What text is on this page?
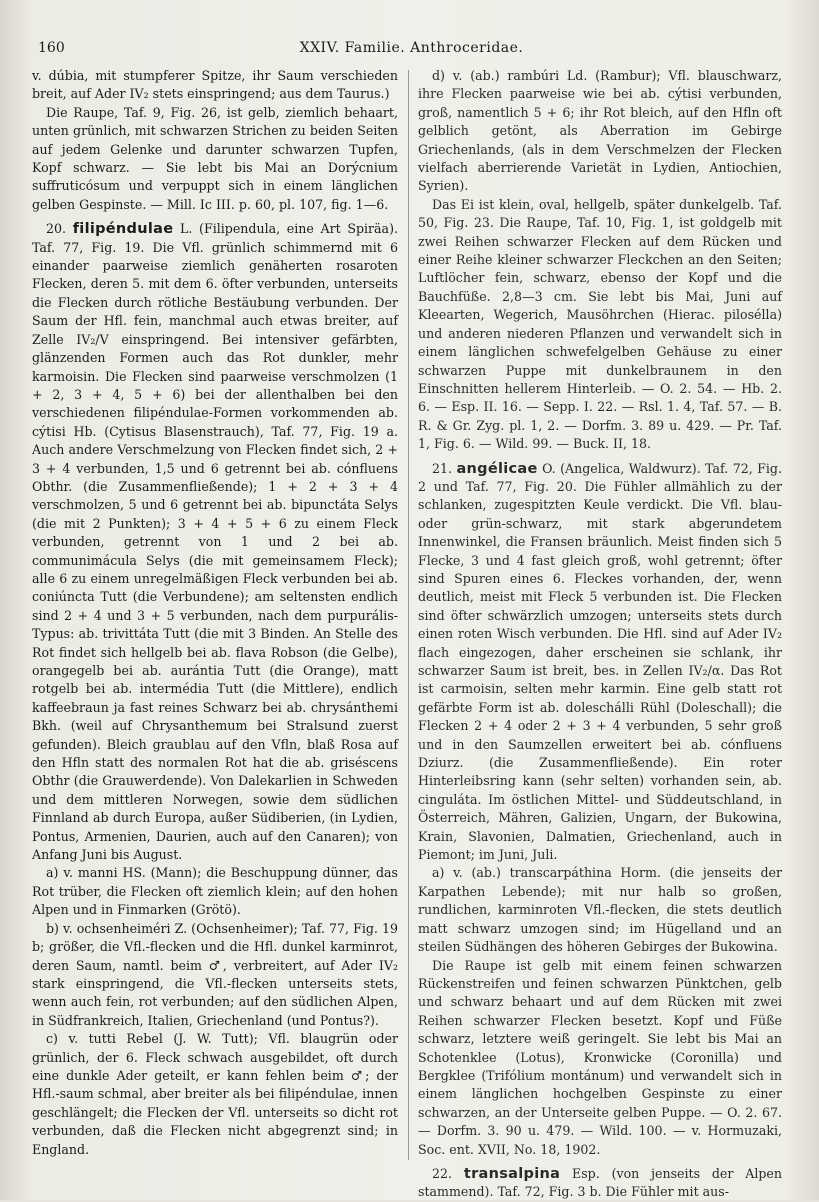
160	XXIV. Familie. Anthroceridae.

v. dúbia, mit stumpferer Spitze, ihr Saum verschieden breit, auf Ader IV₂ stets einspringend; aus dem Taurus.)

Die Raupe, Taf. 9, Fig. 26, ist gelb, ziemlich behaart, unten grünlich, mit schwarzen Strichen zu beiden Seiten auf jedem Gelenke und darunter schwarzen Tupfen, Kopf schwarz. — Sie lebt bis Mai an Dorýcnium suffruticósum und verpuppt sich in einem länglichen gelben Gespinste. — Mill. Ic III. p. 60, pl. 107, fig. 1—6.

20. filipéndulae L. (Filipendula, eine Art Spiräa). Taf. 77, Fig. 19. Die Vfl. grünlich schimmernd mit 6 einander paarweise ziemlich genäherten rosaroten Flecken, deren 5. mit dem 6. öfter verbunden, unterseits die Flecken durch rötliche Bestäubung verbunden. Der Saum der Hfl. fein, manchmal auch etwas breiter, auf Zelle IV₂/V einspringend. Bei intensiver gefärbten, glänzenden Formen auch das Rot dunkler, mehr karmoisin. Die Flecken sind paarweise verschmolzen (1 + 2, 3 + 4, 5 + 6) bei der allenthalben bei den verschiedenen filipéndulae-Formen vorkommenden ab. cýtisi Hb. (Cytisus Blasenstrauch), Taf. 77, Fig. 19 a. Auch andere Verschmelzung von Flecken findet sich, 2 + 3 + 4 verbunden, 1,5 und 6 getrennt bei ab. cónfluens Obthr. (die Zusammenfließende); 1 + 2 + 3 + 4 verschmolzen, 5 und 6 getrennt bei ab. bipunctáta Selys (die mit 2 Punkten); 3 + 4 + 5 + 6 zu einem Fleck verbunden, getrennt von 1 und 2 bei ab. communimácula Selys (die mit gemeinsamem Fleck); alle 6 zu einem unregelmäßigen Fleck verbunden bei ab. coniúncta Tutt (die Verbundene); am seltensten endlich sind 2 + 4 und 3 + 5 verbunden, nach dem purpurális-Typus: ab. trivittáta Tutt (die mit 3 Binden. An Stelle des Rot findet sich hellgelb bei ab. flava Robson (die Gelbe), orangegelb bei ab. aurántia Tutt (die Orange), matt rotgelb bei ab. intermédia Tutt (die Mittlere), endlich kaffeebraun ja fast reines Schwarz bei ab. chrysánthemi Bkh. (weil auf Chrysanthemum bei Stralsund zuerst gefunden). Bleich graublau auf den Vfln, blaß Rosa auf den Hfln statt des normalen Rot hat die ab. griséscens Obthr (die Grauwerdende). Von Dalekarlien in Schweden und dem mittleren Norwegen, sowie dem südlichen Finnland ab durch Europa, außer Südiberien, (in Lydien, Pontus, Armenien, Daurien, auch auf den Canaren); von Anfang Juni bis August.

a) v. manni HS. (Mann); die Beschuppung dünner, das Rot trüber, die Flecken oft ziemlich klein; auf den hohen Alpen und in Finmarken (Grötö).

b) v. ochsenheiméri Z. (Ochsenheimer); Taf. 77, Fig. 19 b; größer, die Vfl.-flecken und die Hfl. dunkel karminrot, deren Saum, namtl. beim ♂, verbreitert, auf Ader IV₂ stark einspringend, die Vfl.-flecken unterseits stets, wenn auch fein, rot verbunden; auf den südlichen Alpen, in Südfrankreich, Italien, Griechenland (und Pontus?).

c) v. tutti Rebel (J. W. Tutt); Vfl. blaugrün oder grünlich, der 6. Fleck schwach ausgebildet, oft durch eine dunkle Ader geteilt, er kann fehlen beim ♂; der Hfl.-saum schmal, aber breiter als bei filipéndulae, innen geschlängelt; die Flecken der Vfl. unterseits so dicht rot verbunden, daß die Flecken nicht abgegrenzt sind; in England.

d) v. (ab.) rambúri Ld. (Rambur); Vfl. blauschwarz, ihre Flecken paarweise wie bei ab. cýtisi verbunden, groß, namentlich 5 + 6; ihr Rot bleich, auf den Hfln oft gelblich getönt, als Aberration im Gebirge Griechenlands, (als in dem Verschmelzen der Flecken vielfach aberrierende Varietät in Lydien, Antiochien, Syrien).

Das Ei ist klein, oval, hellgelb, später dunkelgelb. Taf. 50, Fig. 23. Die Raupe, Taf. 10, Fig. 1, ist goldgelb mit zwei Reihen schwarzer Flecken auf dem Rücken und einer Reihe kleiner schwarzer Fleckchen an den Seiten; Luftlöcher fein, schwarz, ebenso der Kopf und die Bauchfüße. 2,8—3 cm. Sie lebt bis Mai, Juni auf Kleearten, Wegerich, Mausöhrchen (Hierac. pilosélla) und anderen niederen Pflanzen und verwandelt sich in einem länglichen schwefelgelben Gehäuse zu einer schwarzen Puppe mit dunkelbraunem in den Einschnitten hellerem Hinterleib. — O. 2. 54. — Hb. 2. 6. — Esp. II. 16. — Sepp. I. 22. — Rsl. 1. 4, Taf. 57. — B. R. & Gr. Zyg. pl. 1, 2. — Dorfm. 3. 89 u. 429. — Pr. Taf. 1, Fig. 6. — Wild. 99. — Buck. II, 18.

21. angélicae O. (Angelica, Waldwurz). Taf. 72, Fig. 2 und Taf. 77, Fig. 20. Die Fühler allmählich zu der schlanken, zugespitzten Keule verdickt. Die Vfl. blau- oder grün-schwarz, mit stark abgerundetem Innenwinkel, die Fransen bräunlich. Meist finden sich 5 Flecke, 3 und 4 fast gleich groß, wohl getrennt; öfter sind Spuren eines 6. Fleckes vorhanden, der, wenn deutlich, meist mit Fleck 5 verbunden ist. Die Flecken sind öfter schwärzlich umzogen; unterseits stets durch einen roten Wisch verbunden. Die Hfl. sind auf Ader IV₂ flach eingezogen, daher erscheinen sie schlank, ihr schwarzer Saum ist breit, bes. in Zellen IV₂/α. Das Rot ist carmoisin, selten mehr karmin. Eine gelb statt rot gefärbte Form ist ab. doleschálli Rühl (Doleschall); die Flecken 2 + 4 oder 2 + 3 + 4 verbunden, 5 sehr groß und in den Saumzellen erweitert bei ab. cónfluens Dziurz. (die Zusammenfließende). Ein roter Hinterleibsring kann (sehr selten) vorhanden sein, ab. cinguláta. Im östlichen Mittel- und Süddeutschland, in Österreich, Mähren, Galizien, Ungarn, der Bukowina, Krain, Slavonien, Dalmatien, Griechenland, auch in Piemont; im Juni, Juli.

a) v. (ab.) transcarpáthina Horm. (die jenseits der Karpathen Lebende); mit nur halb so großen, rundlichen, karminroten Vfl.-flecken, die stets deutlich matt schwarz umzogen sind; im Hügelland und an steilen Südhängen des höheren Gebirges der Bukowina.

Die Raupe ist gelb mit einem feinen schwarzen Rückenstreifen und feinen schwarzen Pünktchen, gelb und schwarz behaart und auf dem Rücken mit zwei Reihen schwarzer Flecken besetzt. Kopf und Füße schwarz, letztere weiß geringelt. Sie lebt bis Mai an Schotenklee (Lotus), Kronwicke (Coronilla) und Bergklee (Trifólium montánum) und verwandelt sich in einem länglichen hochgelben Gespinste zu einer schwarzen, an der Unterseite gelben Puppe. — O. 2. 67. — Dorfm. 3. 90 u. 479. — Wild. 100. — v. Hormuzaki, Soc. ent. XVII, No. 18, 1902.

22. transalpina Esp. (von jenseits der Alpen stammend). Taf. 72, Fig. 3 b. Die Fühler mit aus-
